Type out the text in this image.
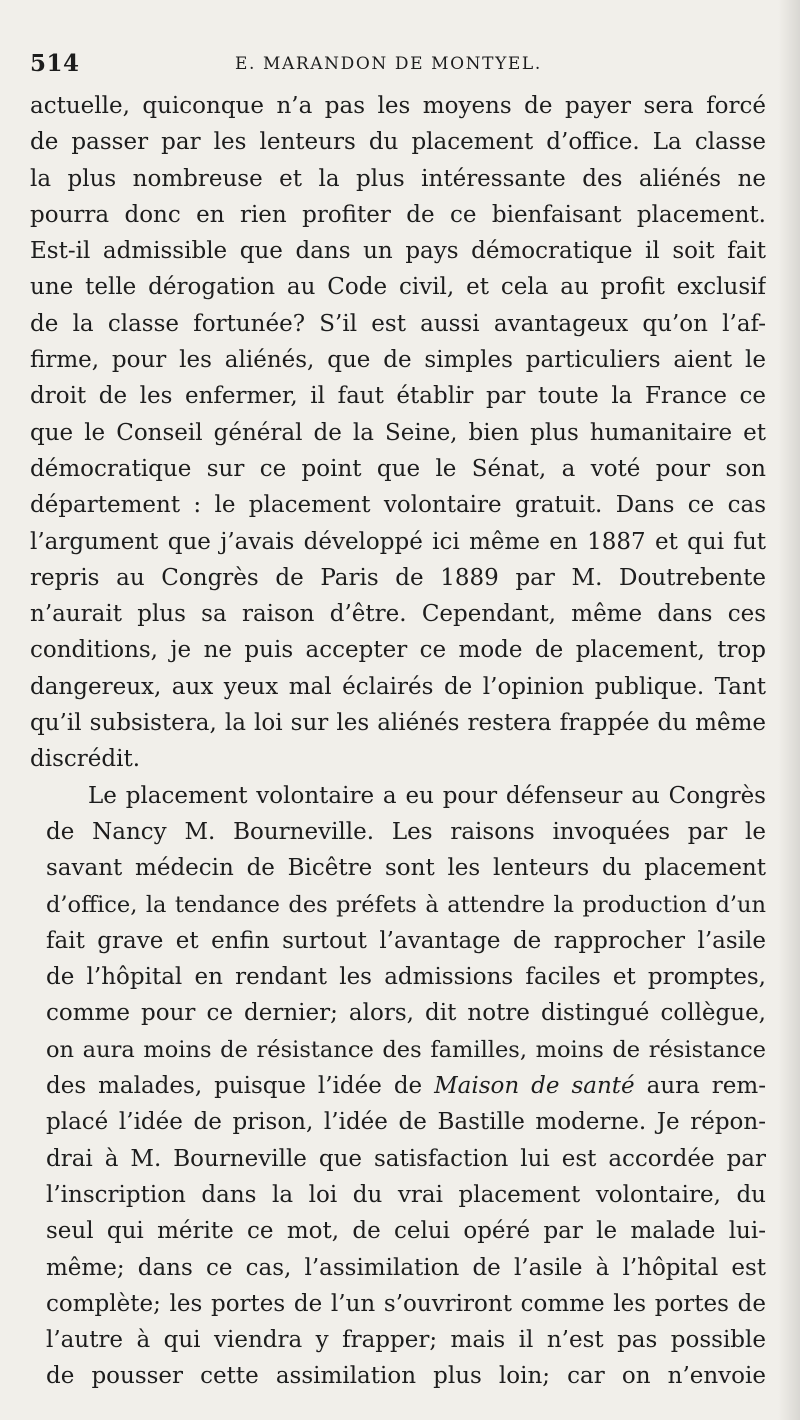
514	E. MARANDON DE MONTYEL.
actuelle, quiconque n’a pas les moyens de payer sera forcé
de passer par les lenteurs du placement d’office. La classe
la plus nombreuse et la plus intéressante des aliénés ne
pourra donc en rien profiter de ce bienfaisant placement.
Est-il admissible que dans un pays démocratique il soit fait
une telle dérogation au Code civil, et cela au profit exclusif
de la classe fortunée? S’il est aussi avantageux qu’on l’af-
firme, pour les aliénés, que de simples particuliers aient le
droit de les enfermer, il faut établir par toute la France ce
que le Conseil général de la Seine, bien plus humanitaire et
démocratique sur ce point que le Sénat, a voté pour son
département : le placement volontaire gratuit. Dans ce cas
l’argument que j’avais développé ici même en 1887 et qui fut
repris au Congrès de Paris de 1889 par M. Doutrebente
n’aurait plus sa raison d’être. Cependant, même dans ces
conditions, je ne puis accepter ce mode de placement, trop
dangereux, aux yeux mal éclairés de l’opinion publique. Tant
qu’il subsistera, la loi sur les aliénés restera frappée du même
discrédit.
Le placement volontaire a eu pour défenseur au Congrès
de Nancy M. Bourneville. Les raisons invoquées par le
savant médecin de Bicêtre sont les lenteurs du placement
d’office, la tendance des préfets à attendre la production d’un
fait grave et enfin surtout l’avantage de rapprocher l’asile
de l’hôpital en rendant les admissions faciles et promptes,
comme pour ce dernier; alors, dit notre distingué collègue,
on aura moins de résistance des familles, moins de résistance
des malades, puisque l’idée de Maison de santé aura rem-
placé l’idée de prison, l’idée de Bastille moderne. Je répon-
drai à M. Bourneville que satisfaction lui est accordée par
l’inscription dans la loi du vrai placement volontaire, du
seul qui mérite ce mot, de celui opéré par le malade lui-
même; dans ce cas, l’assimilation de l’asile à l’hôpital est
complète; les portes de l’un s’ouvriront comme les portes de
l’autre à qui viendra y frapper; mais il n’est pas possible
de pousser cette assimilation plus loin; car on n’envoie
